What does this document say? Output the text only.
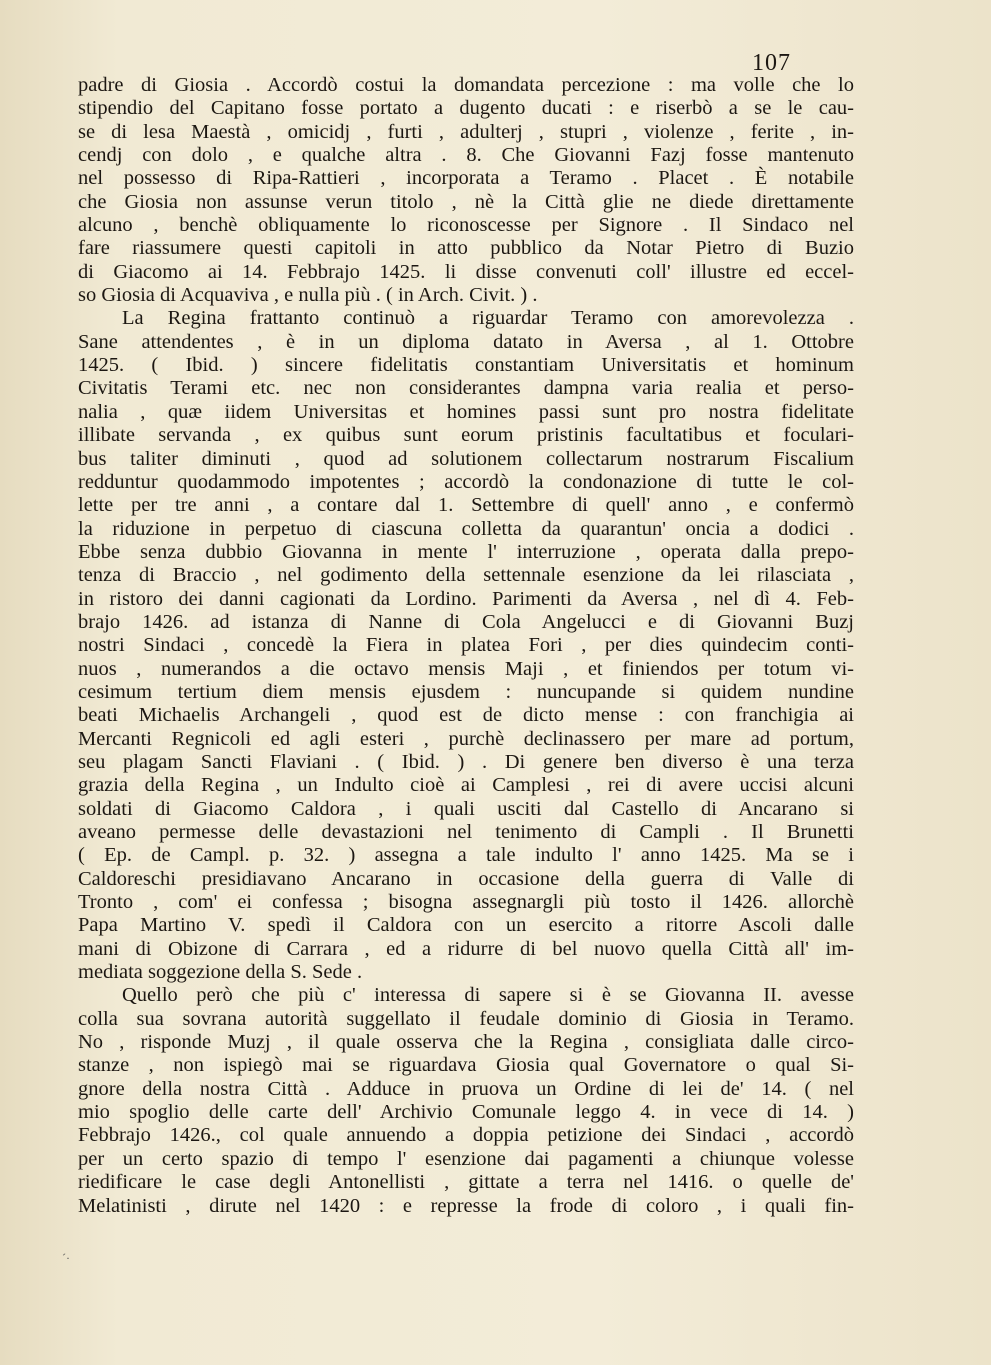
107
padre di Giosia . Accordò costui la domandata percezione : ma volle che lo
stipendio del Capitano fosse portato a dugento ducati : e riserbò a se le cau-
se di lesa Maestà , omicidj , furti , adulterj , stupri , violenze , ferite , in-
cendj con dolo , e qualche altra . 8. Che Giovanni Fazj fosse mantenuto
nel possesso di Ripa-Rattieri , incorporata a Teramo . Placet . È notabile
che Giosia non assunse verun titolo , nè la Città glie ne diede direttamente
alcuno , benchè obliquamente lo riconoscesse per Signore . Il Sindaco nel
fare riassumere questi capitoli in atto pubblico da Notar Pietro di Buzio
di Giacomo ai 14. Febbrajo 1425. li disse convenuti coll' illustre ed eccel-
so Giosia di Acquaviva , e nulla più . ( in Arch. Civit. ) .
La Regina frattanto continuò a riguardar Teramo con amorevolezza .
Sane attendentes , è in un diploma datato in Aversa , al 1. Ottobre
1425. ( Ibid. ) sincere fidelitatis constantiam Universitatis et hominum
Civitatis Terami etc. nec non considerantes dampna varia realia et perso-
nalia , quæ iidem Universitas et homines passi sunt pro nostra fidelitate
illibate servanda , ex quibus sunt eorum pristinis facultatibus et foculari-
bus taliter diminuti , quod ad solutionem collectarum nostrarum Fiscalium
redduntur quodammodo impotentes ; accordò la condonazione di tutte le col-
lette per tre anni , a contare dal 1. Settembre di quell' anno , e confermò
la riduzione in perpetuo di ciascuna colletta da quarantun' oncia a dodici .
Ebbe senza dubbio Giovanna in mente l' interruzione , operata dalla prepo-
tenza di Braccio , nel godimento della settennale esenzione da lei rilasciata ,
in ristoro dei danni cagionati da Lordino. Parimenti da Aversa , nel dì 4. Feb-
brajo 1426. ad istanza di Nanne di Cola Angelucci e di Giovanni Buzj
nostri Sindaci , concedè la Fiera in platea Fori , per dies quindecim conti-
nuos , numerandos a die octavo mensis Maji , et finiendos per totum vi-
cesimum tertium diem mensis ejusdem : nuncupande si quidem nundine
beati Michaelis Archangeli , quod est de dicto mense : con franchigia ai
Mercanti Regnicoli ed agli esteri , purchè declinassero per mare ad portum,
seu plagam Sancti Flaviani . ( Ibid. ) . Di genere ben diverso è una terza
grazia della Regina , un Indulto cioè ai Camplesi , rei di avere uccisi alcuni
soldati di Giacomo Caldora , i quali usciti dal Castello di Ancarano si
aveano permesse delle devastazioni nel tenimento di Campli . Il Brunetti
( Ep. de Campl. p. 32. ) assegna a tale indulto l' anno 1425. Ma se i
Caldoreschi presidiavano Ancarano in occasione della guerra di Valle di
Tronto , com' ei confessa ; bisogna assegnargli più tosto il 1426. allorchè
Papa Martino V. spedì il Caldora con un esercito a ritorre Ascoli dalle
mani di Obizone di Carrara , ed a ridurre di bel nuovo quella Città all' im-
mediata soggezione della S. Sede .
Quello però che più c' interessa di sapere si è se Giovanna II. avesse
colla sua sovrana autorità suggellato il feudale dominio di Giosia in Teramo.
No , risponde Muzj , il quale osserva che la Regina , consigliata dalle circo-
stanze , non ispiegò mai se riguardava Giosia qual Governatore o qual Si-
gnore della nostra Città . Adduce in pruova un Ordine di lei de' 14. ( nel
mio spoglio delle carte dell' Archivio Comunale leggo 4. in vece di 14. )
Febbrajo 1426., col quale annuendo a doppia petizione dei Sindaci , accordò
per un certo spazio di tempo l' esenzione dai pagamenti a chiunque volesse
riedificare le case degli Antonellisti , gittate a terra nel 1416. o quelle de'
Melatinisti , dirute nel 1420 : e represse la frode di coloro , i quali fin-
´·
